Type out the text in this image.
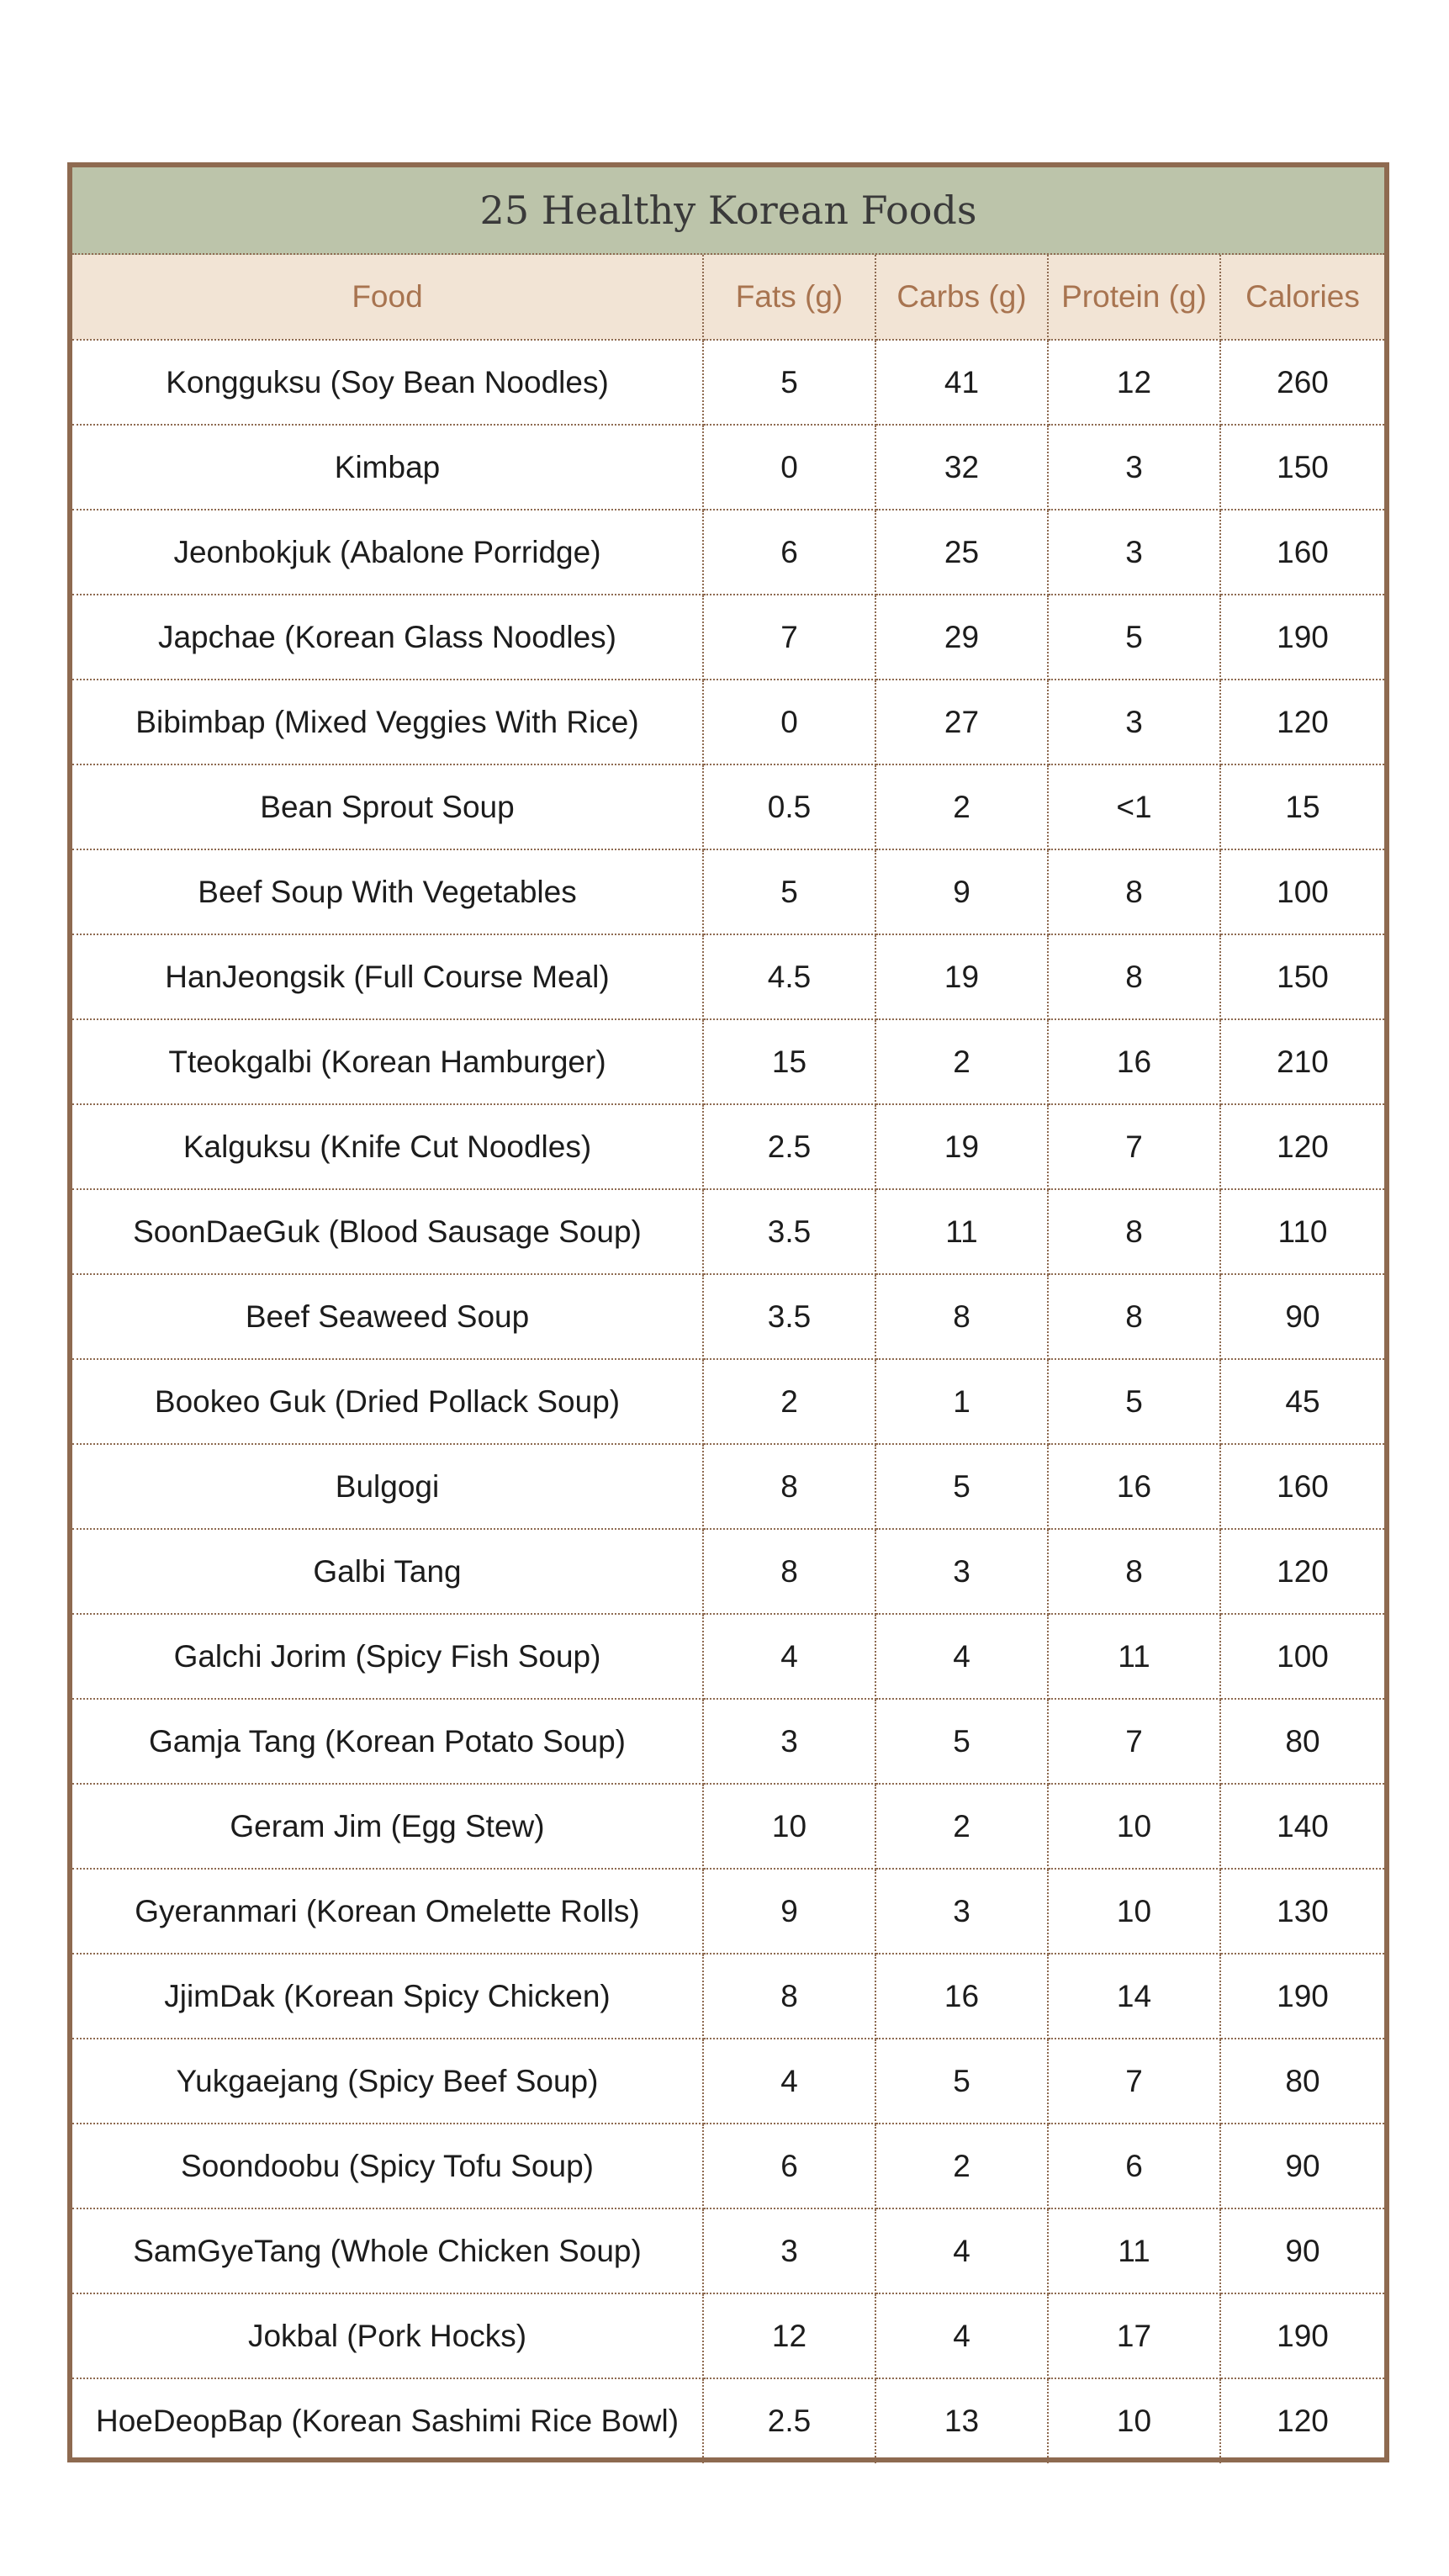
25 Healthy Korean Foods
Food	Fats (g)	Carbs (g)	Protein (g)	Calories
Kongguksu (Soy Bean Noodles)	5	41	12	260
Kimbap	0	32	3	150
Jeonbokjuk (Abalone Porridge)	6	25	3	160
Japchae (Korean Glass Noodles)	7	29	5	190
Bibimbap (Mixed Veggies With Rice)	0	27	3	120
Bean Sprout Soup	0.5	2	<1	15
Beef Soup With Vegetables	5	9	8	100
HanJeongsik (Full Course Meal)	4.5	19	8	150
Tteokgalbi (Korean Hamburger)	15	2	16	210
Kalguksu (Knife Cut Noodles)	2.5	19	7	120
SoonDaeGuk (Blood Sausage Soup)	3.5	11	8	110
Beef Seaweed Soup	3.5	8	8	90
Bookeo Guk (Dried Pollack Soup)	2	1	5	45
Bulgogi	8	5	16	160
Galbi Tang	8	3	8	120
Galchi Jorim (Spicy Fish Soup)	4	4	11	100
Gamja Tang (Korean Potato Soup)	3	5	7	80
Geram Jim (Egg Stew)	10	2	10	140
Gyeranmari (Korean Omelette Rolls)	9	3	10	130
JjimDak (Korean Spicy Chicken)	8	16	14	190
Yukgaejang (Spicy Beef Soup)	4	5	7	80
Soondoobu (Spicy Tofu Soup)	6	2	6	90
SamGyeTang (Whole Chicken Soup)	3	4	11	90
Jokbal (Pork Hocks)	12	4	17	190
HoeDeopBap (Korean Sashimi Rice Bowl)	2.5	13	10	120
